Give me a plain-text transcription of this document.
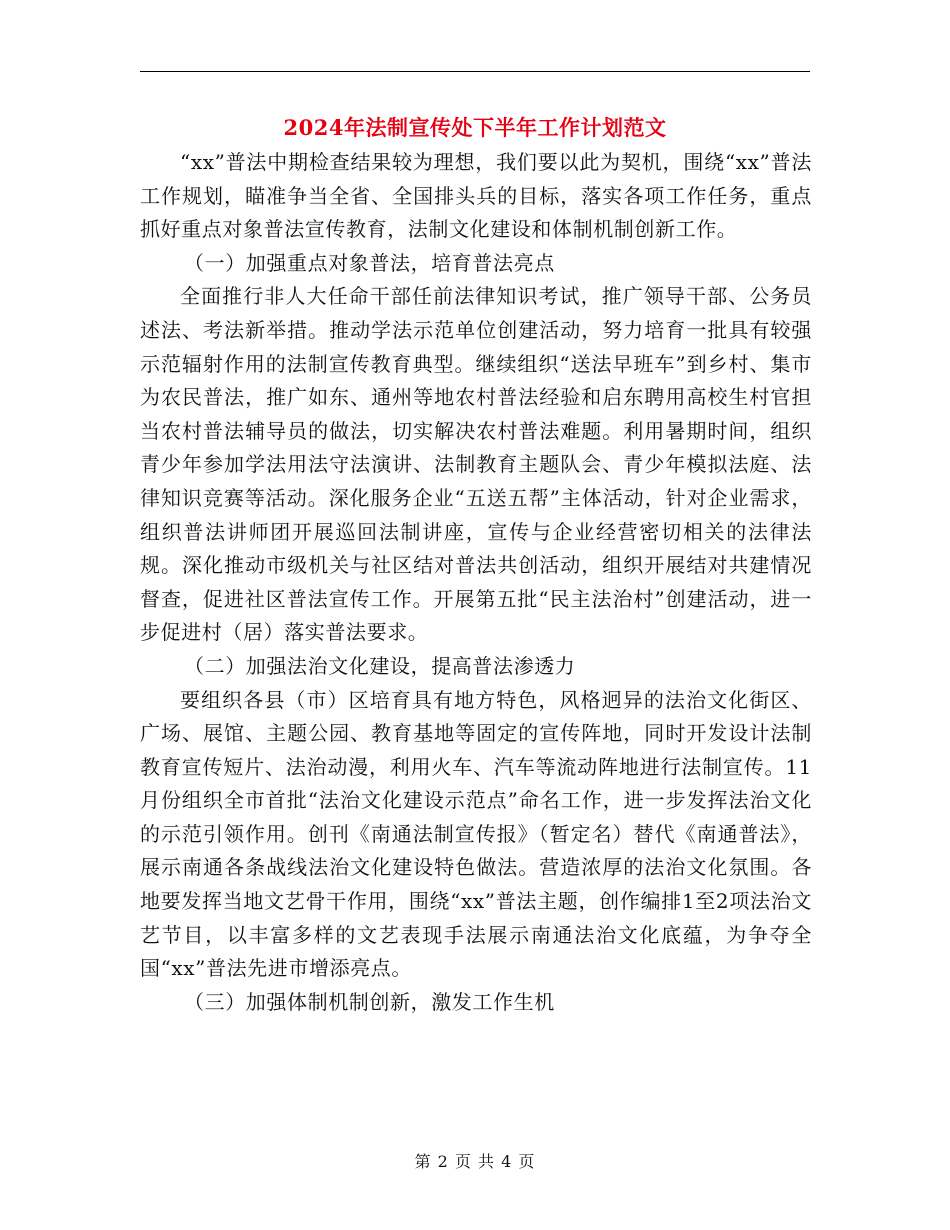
2024年法制宣传处下半年工作计划范文

“xx”普法中期检查结果较为理想，我们要以此为契机，围绕“xx”普法工作规划，瞄准争当全省、全国排头兵的目标，落实各项工作任务，重点抓好重点对象普法宣传教育，法制文化建设和体制机制创新工作。

（一）加强重点对象普法，培育普法亮点

全面推行非人大任命干部任前法律知识考试，推广领导干部、公务员述法、考法新举措。推动学法示范单位创建活动，努力培育一批具有较强示范辐射作用的法制宣传教育典型。继续组织“送法早班车”到乡村、集市为农民普法，推广如东、通州等地农村普法经验和启东聘用高校生村官担当农村普法辅导员的做法，切实解决农村普法难题。利用暑期时间，组织青少年参加学法用法守法演讲、法制教育主题队会、青少年模拟法庭、法律知识竞赛等活动。深化服务企业“五送五帮”主体活动，针对企业需求，组织普法讲师团开展巡回法制讲座，宣传与企业经营密切相关的法律法规。深化推动市级机关与社区结对普法共创活动，组织开展结对共建情况督查，促进社区普法宣传工作。开展第五批“民主法治村”创建活动，进一步促进村（居）落实普法要求。

（二）加强法治文化建设，提高普法渗透力

要组织各县（市）区培育具有地方特色，风格迥异的法治文化街区、广场、展馆、主题公园、教育基地等固定的宣传阵地，同时开发设计法制教育宣传短片、法治动漫，利用火车、汽车等流动阵地进行法制宣传。11月份组织全市首批“法治文化建设示范点”命名工作，进一步发挥法治文化的示范引领作用。创刊《南通法制宣传报》（暂定名）替代《南通普法》，展示南通各条战线法治文化建设特色做法。营造浓厚的法治文化氛围。各地要发挥当地文艺骨干作用，围绕“xx”普法主题，创作编排1至2项法治文艺节目，以丰富多样的文艺表现手法展示南通法治文化底蕴，为争夺全国“xx”普法先进市增添亮点。

（三）加强体制机制创新，激发工作生机

第 2 页 共 4 页
